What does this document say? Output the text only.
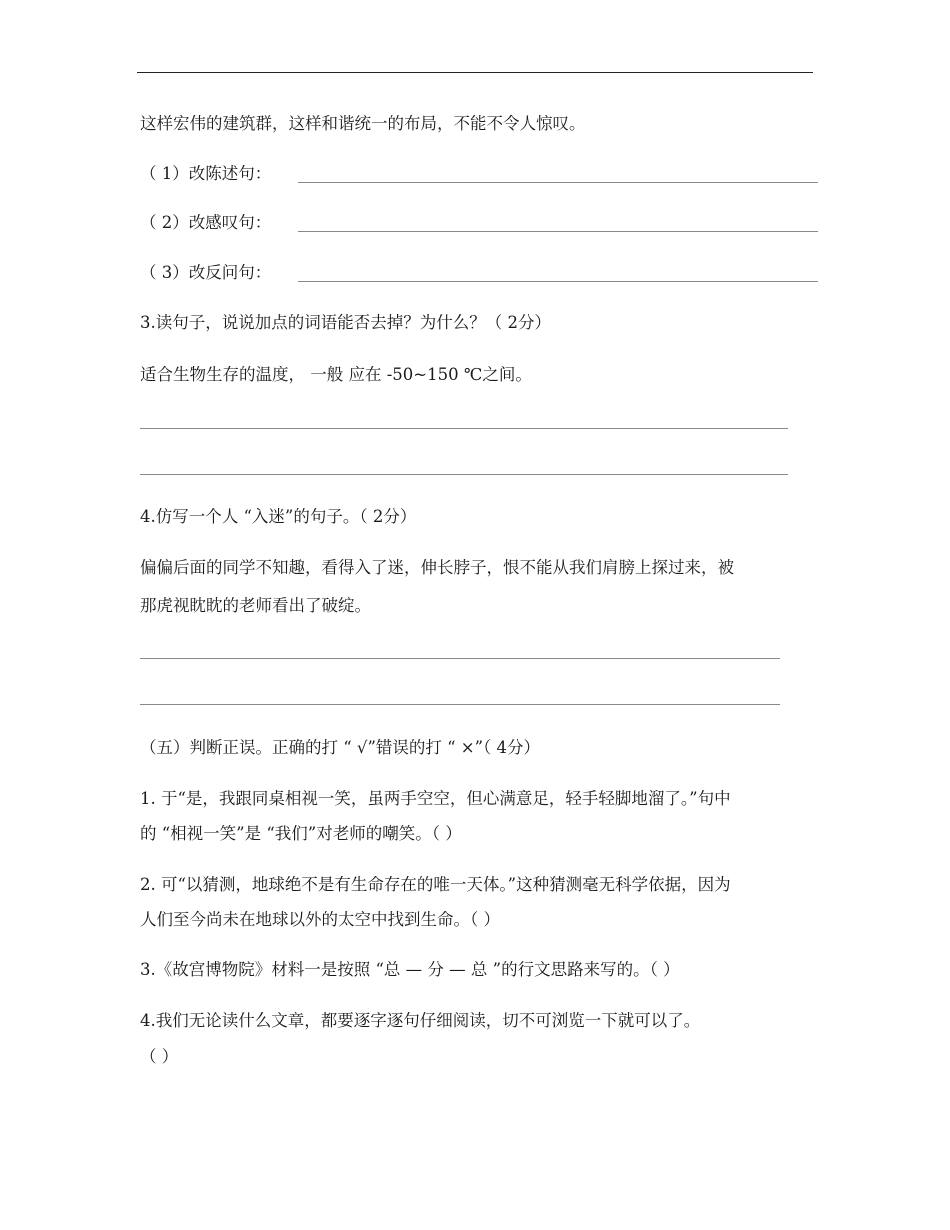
这样宏伟的建筑群，这样和谐统一的布局，不能不令人惊叹。
（ 1）改陈述句：
（ 2）改感叹句：
（ 3）改反问句：
3.读句子，说说加点的词语能否去掉？为什么？（ 2分）
适合生物生存的温度， 一般 应在 -50~150 ℃之间。
4.仿写一个人 “入迷”的句子。（ 2分）
偏偏后面的同学不知趣，看得入了迷，伸长脖子，恨不能从我们肩膀上探过来，被
那虎视眈眈的老师看出了破绽。
（五）判断正误。正确的打 “ √”错误的打 “ ×”（ 4分）
1. 于“是，我跟同桌相视一笑，虽两手空空，但心满意足，轻手轻脚地溜了。”句中
的 “相视一笑”是 “我们”对老师的嘲笑。（ ）
2. 可“以猜测，地球绝不是有生命存在的唯一天体。”这种猜测毫无科学依据，因为
人们至今尚未在地球以外的太空中找到生命。（ ）
3.《故宫博物院》材料一是按照 “总 — 分 — 总 ”的行文思路来写的。（ ）
4.我们无论读什么文章，都要逐字逐句仔细阅读，切不可浏览一下就可以了。
（ ）
